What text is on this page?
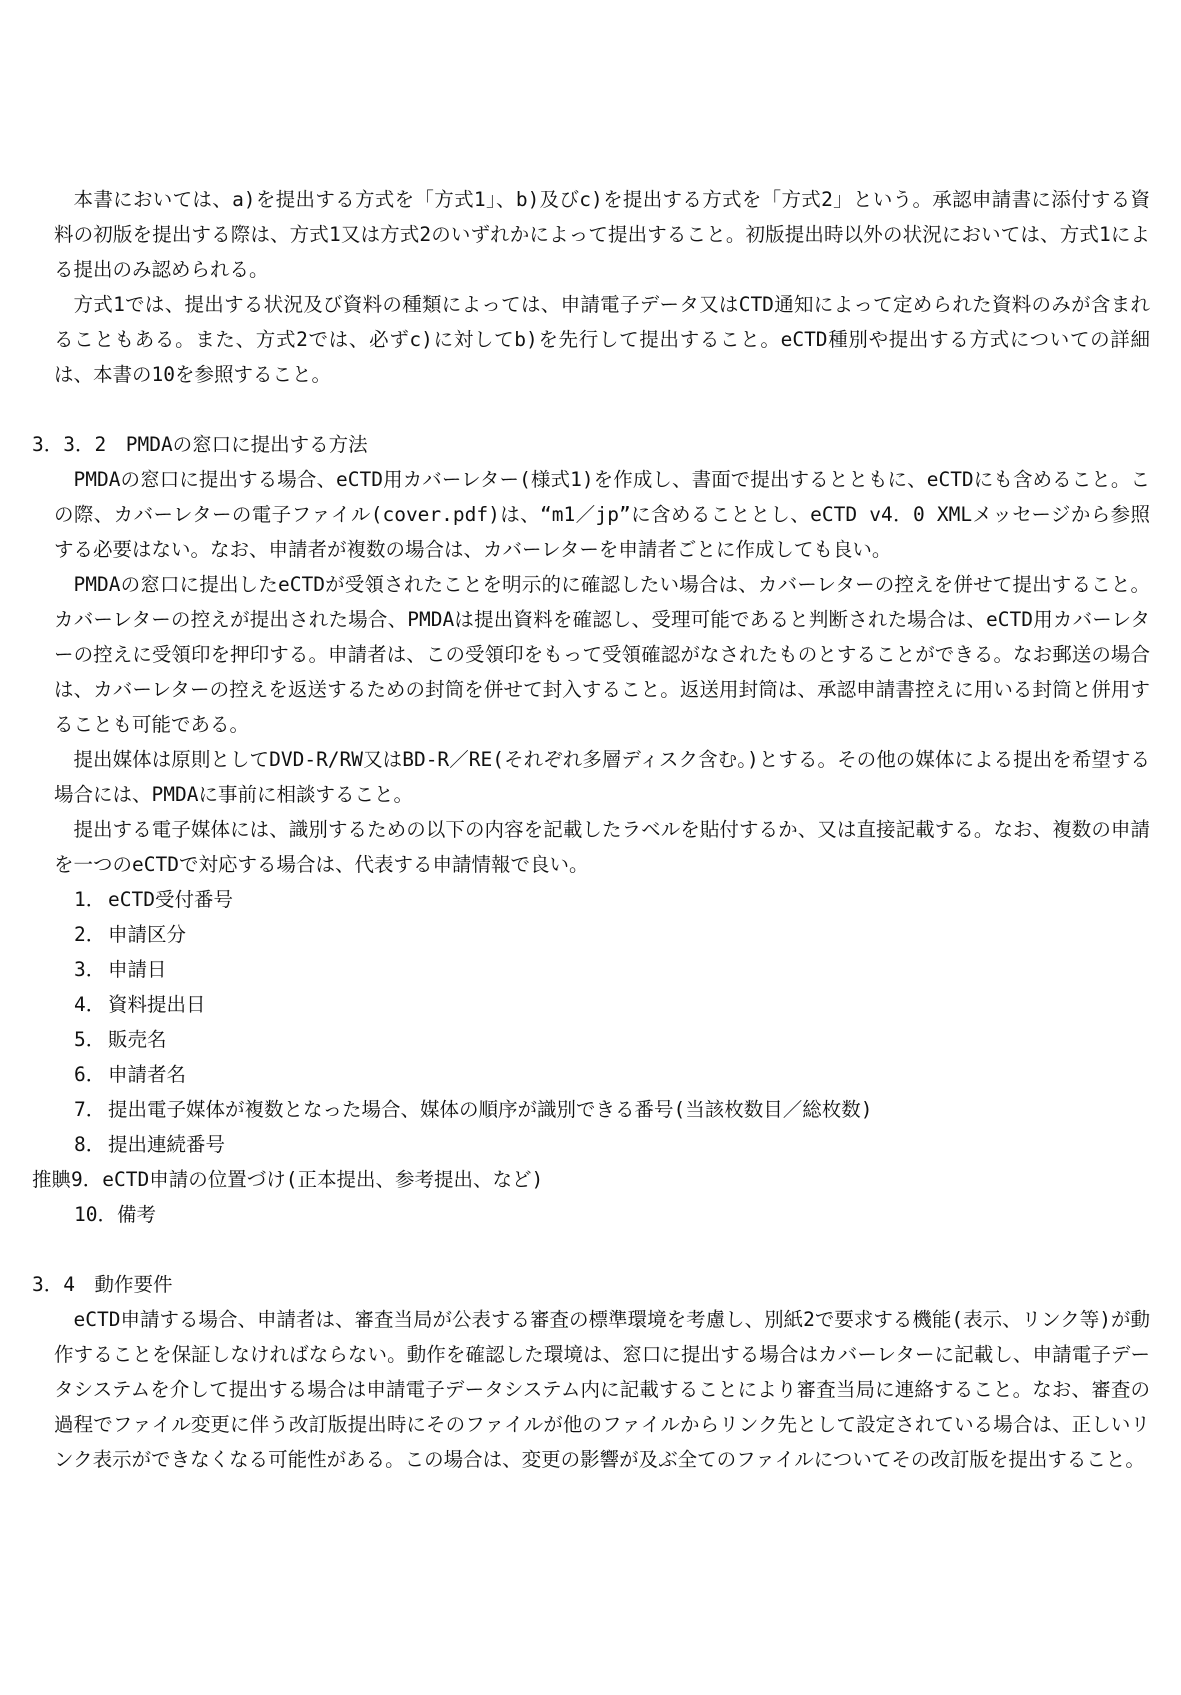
本書においては、a)を提出する方式を「方式1」、b)及びc)を提出する方式を「方式2」という。承認申請書に添付する資料の初版を提出する際は、方式1又は方式2のいずれかによって提出すること。初版提出時以外の状況においては、方式1による提出のみ認められる。

方式1では、提出する状況及び資料の種類によっては、申請電子データ又はCTD通知によって定められた資料のみが含まれることもある。また、方式2では、必ずc)に対してb)を先行して提出すること。eCTD種別や提出する方式についての詳細は、本書の10を参照すること。

3．3．2　PMDAの窓口に提出する方法

PMDAの窓口に提出する場合、eCTD用カバーレター(様式1)を作成し、書面で提出するとともに、eCTDにも含めること。この際、カバーレターの電子ファイル(cover.pdf)は、“m1／jp”に含めることとし、eCTD v4．0 XMLメッセージから参照する必要はない。なお、申請者が複数の場合は、カバーレターを申請者ごとに作成しても良い。

PMDAの窓口に提出したeCTDが受領されたことを明示的に確認したい場合は、カバーレターの控えを併せて提出すること。カバーレターの控えが提出された場合、PMDAは提出資料を確認し、受理可能であると判断された場合は、eCTD用カバーレターの控えに受領印を押印する。申請者は、この受領印をもって受領確認がなされたものとすることができる。なお郵送の場合は、カバーレターの控えを返送するための封筒を併せて封入すること。返送用封筒は、承認申請書控えに用いる封筒と併用することも可能である。

提出媒体は原則としてDVD-R/RW又はBD-R／RE(それぞれ多層ディスク含む。)とする。その他の媒体による提出を希望する場合には、PMDAに事前に相談すること。

提出する電子媒体には、識別するための以下の内容を記載したラベルを貼付するか、又は直接記載する。なお、複数の申請を一つのeCTDで対応する場合は、代表する申請情報で良い。

1． eCTD受付番号
2． 申請区分
3． 申請日
4． 資料提出日
5． 販売名
6． 申請者名
7． 提出電子媒体が複数となった場合、媒体の順序が識別できる番号(当該枚数目／総枚数)
8． 提出連続番号
推賟9．eCTD申請の位置づけ(正本提出、参考提出、など)
10．備考

3．4　動作要件

eCTD申請する場合、申請者は、審査当局が公表する審査の標準環境を考慮し、別紙2で要求する機能(表示、リンク等)が動作することを保証しなければならない。動作を確認した環境は、窓口に提出する場合はカバーレターに記載し、申請電子データシステムを介して提出する場合は申請電子データシステム内に記載することにより審査当局に連絡すること。なお、審査の過程でファイル変更に伴う改訂版提出時にそのファイルが他のファイルからリンク先として設定されている場合は、正しいリンク表示ができなくなる可能性がある。この場合は、変更の影響が及ぶ全てのファイルについてその改訂版を提出すること。
